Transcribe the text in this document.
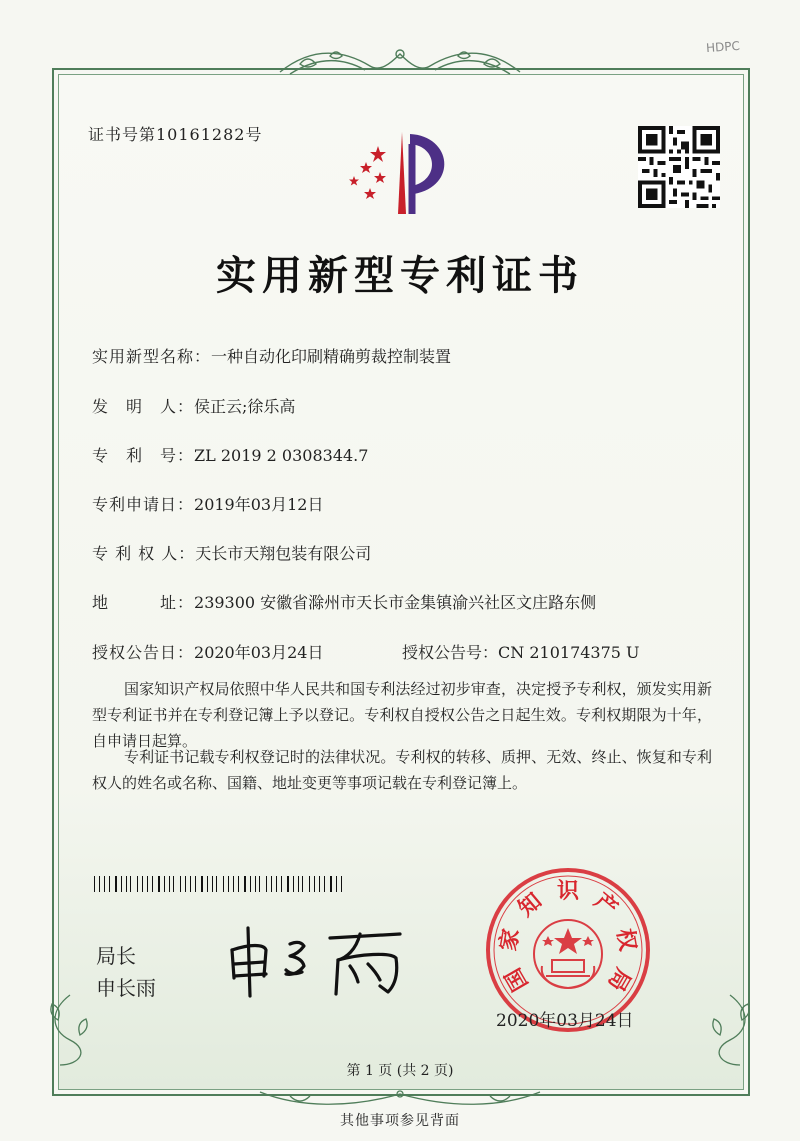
HDPC
证书号第10161282号
实用新型专利证书
实用新型名称：一种自动化印刷精确剪裁控制装置
发　明　人：侯正云;徐乐高
专　利　号：ZL 2019 2 0308344.7
专利申请日：2019年03月12日
专 利 权 人：天长市天翔包装有限公司
地　　　址：239300 安徽省滁州市天长市金集镇渝兴社区文庄路东侧
授权公告日：2020年03月24日	授权公告号：CN 210174375 U
国家知识产权局依照中华人民共和国专利法经过初步审查，决定授予专利权，颁发实用新型专利证书并在专利登记簿上予以登记。专利权自授权公告之日起生效。专利权期限为十年，自申请日起算。
专利证书记载专利权登记时的法律状况。专利权的转移、质押、无效、终止、恢复和专利权人的姓名或名称、国籍、地址变更等事项记载在专利登记簿上。
局长
申长雨	国
家
知 识 产
权
局
2020年03月24日
第 1 页 (共 2 页)
其他事项参见背面
